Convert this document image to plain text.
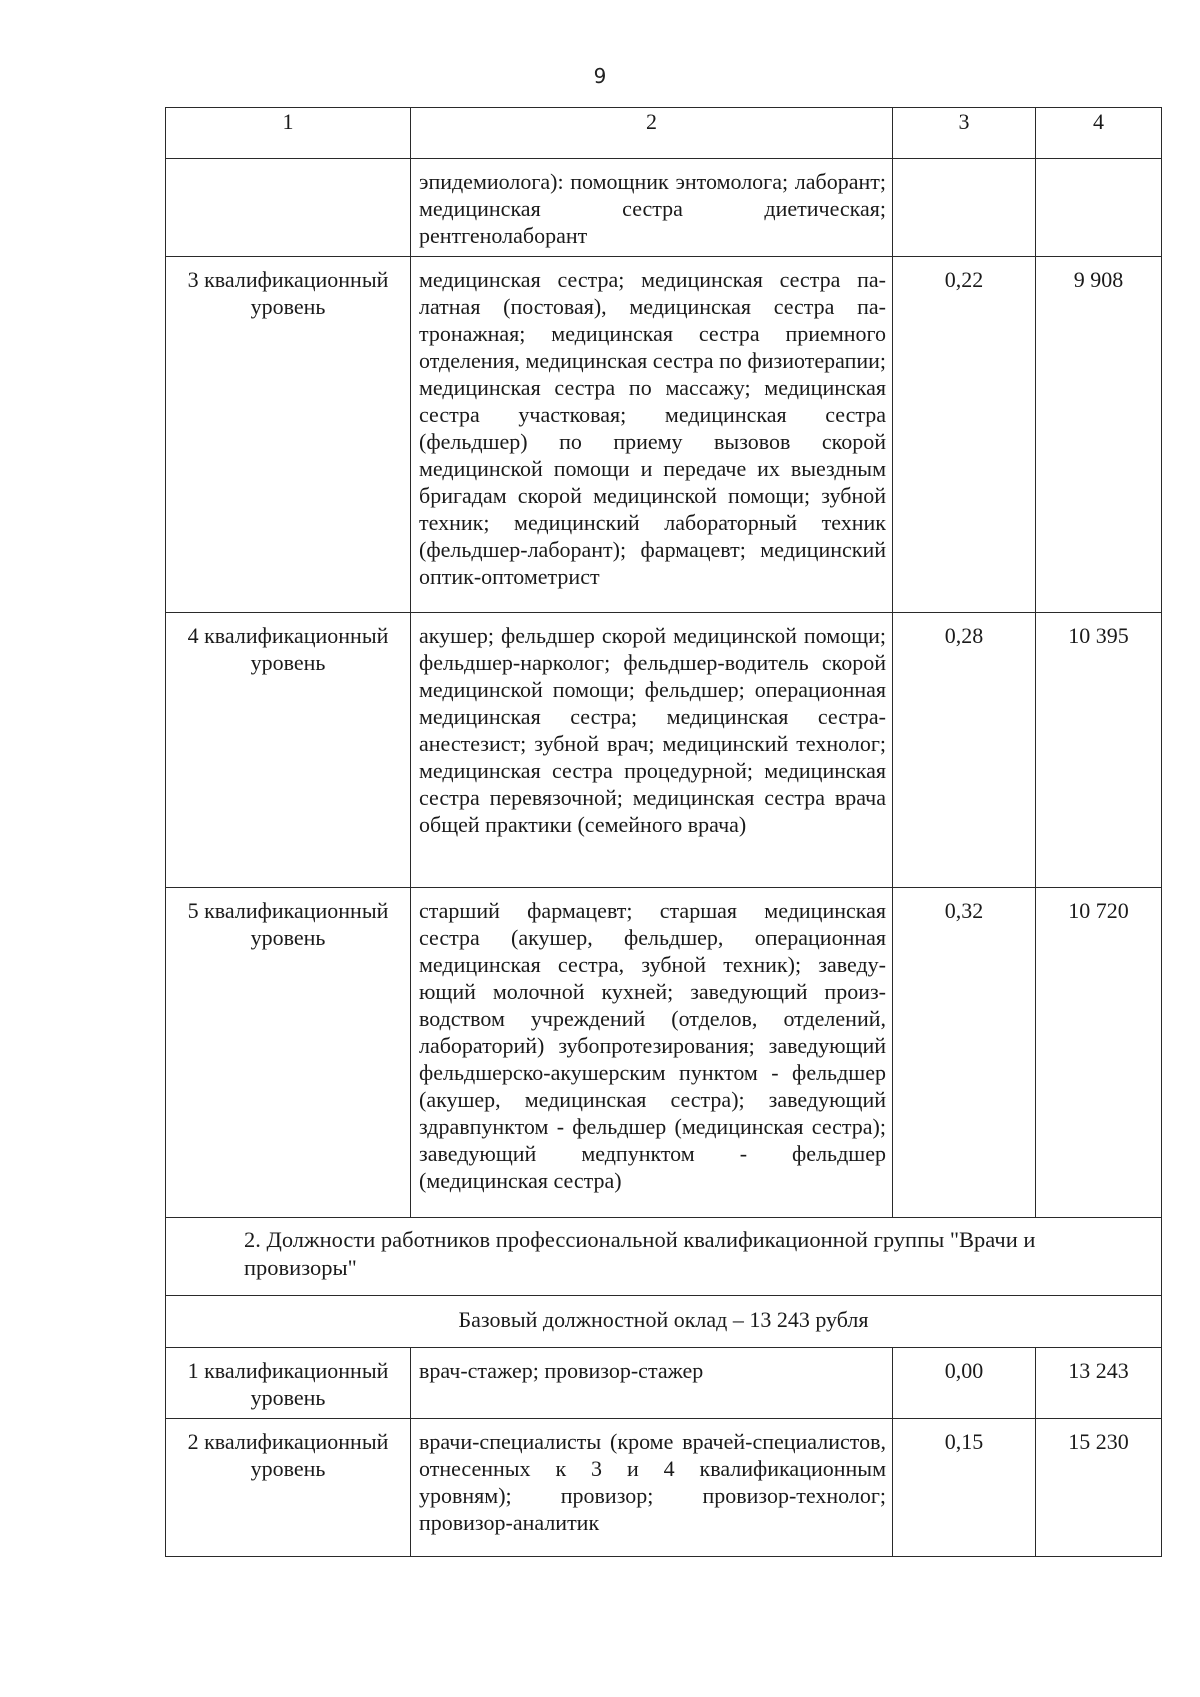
9
1	2	3	4
	эпидемиолога): помощник энтомолога; лаборант; медицинская сестра диетическая; рентгенолаборант		
3 квалификационный уровень	медицинская сестра; медицинская сестра палатная (постовая), медицинская сестра патронажная; медицинская сестра приемного отделения, медицинская сестра по физиотерапии; медицинская сестра по массажу; медицинская сестра участковая; медицинская сестра (фельдшер) по приему вызовов скорой медицинской помощи и передаче их выездным бригадам скорой медицинской помощи; зубной техник; медицинский лабораторный техник (фельдшер-лаборант); фармацевт; медицинский оптик-оптометрист	0,22	9 908
4 квалификационный уровень	акушер; фельдшер скорой медицинской помощи; фельдшер-нарколог; фельдшер-водитель скорой медицинской помощи; фельдшер; операционная медицинская сестра; медицинская сестра-анестезист; зубной врач; медицинский технолог; медицинская сестра процедурной; медицинская сестра перевязочной; медицинская сестра врача общей практики (семейного врача)	0,28	10 395
5 квалификационный уровень	старший фармацевт; старшая медицинская сестра (акушер, фельдшер, операционная медицинская сестра, зубной техник); заведующий молочной кухней; заведующий производством учреждений (отделов, отделений, лабораторий) зубопротезирования; заведующий фельдшерско-акушерским пунктом - фельдшер (акушер, медицинская сестра); заведующий здравпунктом - фельдшер (медицинская сестра); заведующий медпунктом - фельдшер (медицинская сестра)	0,32	10 720
2. Должности работников профессиональной квалификационной группы "Врачи и провизоры"			
Базовый должностной оклад – 13 243 рубля			
1 квалификационный уровень	врач-стажер; провизор-стажер	0,00	13 243
2 квалификационный уровень	врачи-специалисты (кроме врачей-специалистов, отнесенных к 3 и 4 квалификационным уровням); провизор; провизор-технолог; провизор-аналитик	0,15	15 230
